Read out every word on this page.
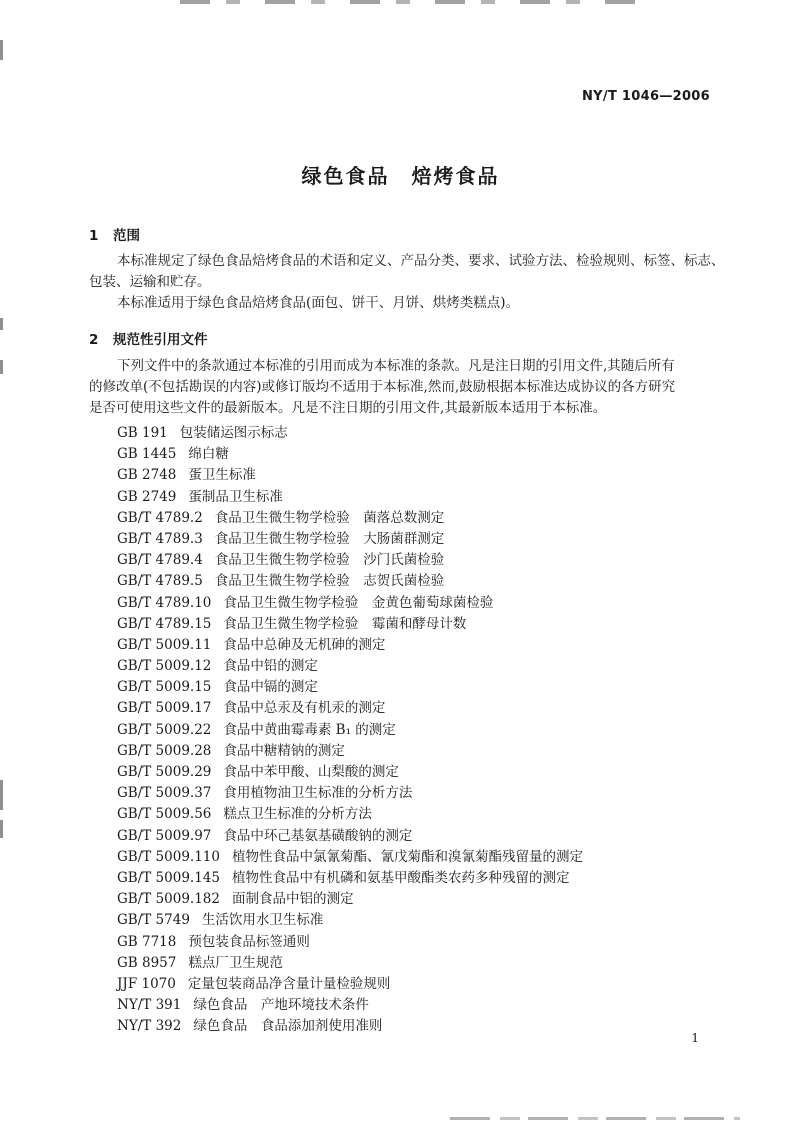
NY/T 1046—2006
绿色食品　焙烤食品
1 范围
本标准规定了绿色食品焙烤食品的术语和定义、产品分类、要求、试验方法、检验规则、标签、标志、
包装、运输和贮存。
本标准适用于绿色食品焙烤食品(面包、饼干、月饼、烘烤类糕点)。
2 规范性引用文件
下列文件中的条款通过本标准的引用而成为本标准的条款。凡是注日期的引用文件,其随后所有
的修改单(不包括勘误的内容)或修订版均不适用于本标准,然而,鼓励根据本标准达成协议的各方研究
是否可使用这些文件的最新版本。凡是不注日期的引用文件,其最新版本适用于本标准。
GB 191 包装储运图示标志
GB 1445 绵白糖
GB 2748 蛋卫生标准
GB 2749 蛋制品卫生标准
GB/T 4789.2 食品卫生微生物学检验　菌落总数测定
GB/T 4789.3 食品卫生微生物学检验　大肠菌群测定
GB/T 4789.4 食品卫生微生物学检验　沙门氏菌检验
GB/T 4789.5 食品卫生微生物学检验　志贺氏菌检验
GB/T 4789.10 食品卫生微生物学检验　金黄色葡萄球菌检验
GB/T 4789.15 食品卫生微生物学检验　霉菌和酵母计数
GB/T 5009.11 食品中总砷及无机砷的测定
GB/T 5009.12 食品中铅的测定
GB/T 5009.15 食品中镉的测定
GB/T 5009.17 食品中总汞及有机汞的测定
GB/T 5009.22 食品中黄曲霉毒素 B₁ 的测定
GB/T 5009.28 食品中糖精钠的测定
GB/T 5009.29 食品中苯甲酸、山梨酸的测定
GB/T 5009.37 食用植物油卫生标准的分析方法
GB/T 5009.56 糕点卫生标准的分析方法
GB/T 5009.97 食品中环己基氨基磺酸钠的测定
GB/T 5009.110 植物性食品中氯氰菊酯、氰戊菊酯和溴氰菊酯残留量的测定
GB/T 5009.145 植物性食品中有机磷和氨基甲酸酯类农药多种残留的测定
GB/T 5009.182 面制食品中铝的测定
GB/T 5749 生活饮用水卫生标准
GB 7718 预包装食品标签通则
GB 8957 糕点厂卫生规范
JJF 1070 定量包装商品净含量计量检验规则
NY/T 391 绿色食品　产地环境技术条件
NY/T 392 绿色食品　食品添加剂使用准则
1
